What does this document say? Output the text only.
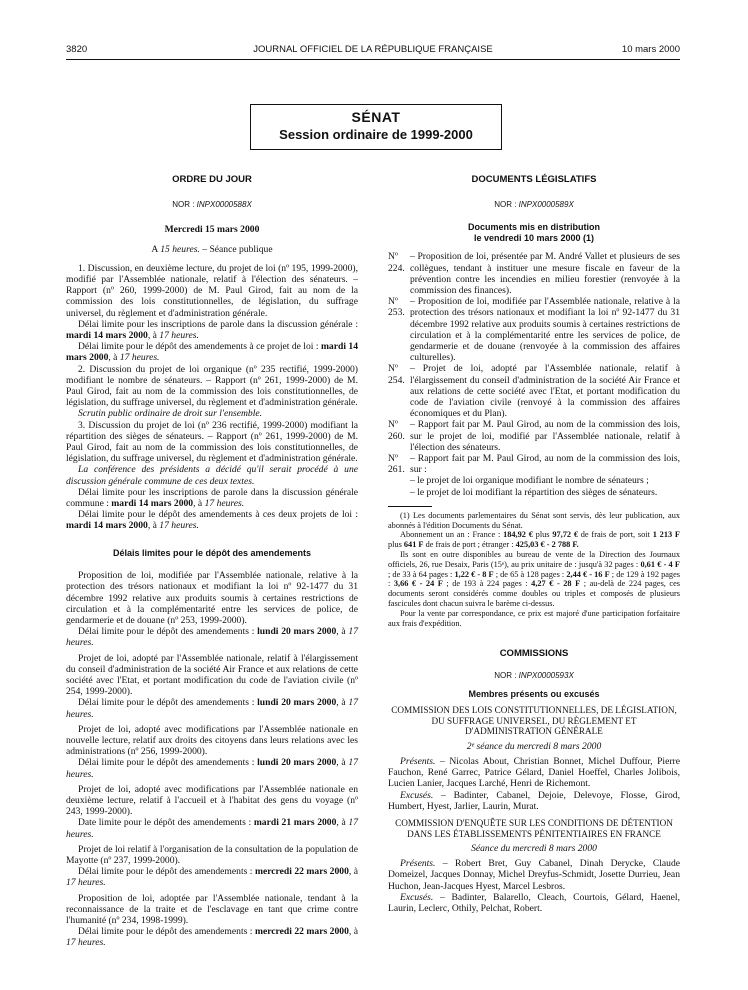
3820	JOURNAL OFFICIEL DE LA RÉPUBLIQUE FRANÇAISE	10 mars 2000
SÉNAT
Session ordinaire de 1999-2000
ORDRE DU JOUR
NOR : INPX0000588X
Mercredi 15 mars 2000
A 15 heures. – Séance publique

1. Discussion, en deuxième lecture, du projet de loi (nº 195, 1999-2000), modifié par l'Assemblée nationale, relatif à l'élection des sénateurs. – Rapport (nº 260, 1999-2000) de M. Paul Girod, fait au nom de la commission des lois constitutionnelles, de législation, du suffrage universel, du règlement et d'administration générale.

Délai limite pour les inscriptions de parole dans la discussion générale : mardi 14 mars 2000, à 17 heures.

Délai limite pour le dépôt des amendements à ce projet de loi : mardi 14 mars 2000, à 17 heures.

2. Discussion du projet de loi organique (nº 235 rectifié, 1999-2000) modifiant le nombre de sénateurs. – Rapport (nº 261, 1999-2000) de M. Paul Girod, fait au nom de la commission des lois constitutionnelles, de législation, du suffrage universel, du règlement et d'administration générale.

Scrutin public ordinaire de droit sur l'ensemble.

3. Discussion du projet de loi (nº 236 rectifié, 1999-2000) modifiant la répartition des sièges de sénateurs. – Rapport (nº 261, 1999-2000) de M. Paul Girod, fait au nom de la commission des lois constitutionnelles, de législation, du suffrage universel, du règlement et d'administration générale.

La conférence des présidents a décidé qu'il serait procédé à une discussion générale commune de ces deux textes.

Délai limite pour les inscriptions de parole dans la discussion générale commune : mardi 14 mars 2000, à 17 heures.

Délai limite pour le dépôt des amendements à ces deux projets de loi : mardi 14 mars 2000, à 17 heures.

Délais limites pour le dépôt des amendements

Proposition de loi, modifiée par l'Assemblée nationale, relative à la protection des trésors nationaux et modifiant la loi nº 92-1477 du 31 décembre 1992 relative aux produits soumis à certaines restrictions de circulation et à la complémentarité entre les services de police, de gendarmerie et de douane (nº 253, 1999-2000).

Délai limite pour le dépôt des amendements : lundi 20 mars 2000, à 17 heures.

Projet de loi, adopté par l'Assemblée nationale, relatif à l'élargissement du conseil d'administration de la société Air France et aux relations de cette société avec l'Etat, et portant modification du code de l'aviation civile (nº 254, 1999-2000).

Délai limite pour le dépôt des amendements : lundi 20 mars 2000, à 17 heures.

Projet de loi, adopté avec modifications par l'Assemblée nationale en nouvelle lecture, relatif aux droits des citoyens dans leurs relations avec les administrations (nº 256, 1999-2000).

Délai limite pour le dépôt des amendements : lundi 20 mars 2000, à 17 heures.

Projet de loi, adopté avec modifications par l'Assemblée nationale en deuxième lecture, relatif à l'accueil et à l'habitat des gens du voyage (nº 243, 1999-2000).

Date limite pour le dépôt des amendements : mardi 21 mars 2000, à 17 heures.

Projet de loi relatif à l'organisation de la consultation de la population de Mayotte (nº 237, 1999-2000).

Délai limite pour le dépôt des amendements : mercredi 22 mars 2000, à 17 heures.

Proposition de loi, adoptée par l'Assemblée nationale, tendant à la reconnaissance de la traite et de l'esclavage en tant que crime contre l'humanité (nº 234, 1998-1999).

Délai limite pour le dépôt des amendements : mercredi 22 mars 2000, à 17 heures.

DOCUMENTS LÉGISLATIFS
NOR : INPX0000589X
Documents mis en distribution
le vendredi 10 mars 2000 (1)
Nº 224.
– Proposition de loi, présentée par M. André Vallet et plusieurs de ses collègues, tendant à instituer une mesure fiscale en faveur de la prévention contre les incendies en milieu forestier (renvoyée à la commission des finances).
Nº 253.
– Proposition de loi, modifiée par l'Assemblée nationale, relative à la protection des trésors nationaux et modifiant la loi nº 92-1477 du 31 décembre 1992 relative aux produits soumis à certaines restrictions de circulation et à la complémentarité entre les services de police, de gendarmerie et de douane (renvoyée à la commission des affaires culturelles).
Nº 254.
– Projet de loi, adopté par l'Assemblée nationale, relatif à l'élargissement du conseil d'administration de la société Air France et aux relations de cette société avec l'Etat, et portant modification du code de l'aviation civile (renvoyé à la commission des affaires économiques et du Plan).
Nº 260.
– Rapport fait par M. Paul Girod, au nom de la commission des lois, sur le projet de loi, modifié par l'Assemblée nationale, relatif à l'élection des sénateurs.
Nº 261.
– Rapport fait par M. Paul Girod, au nom de la commission des lois, sur :
– le projet de loi organique modifiant le nombre de sénateurs ;
– le projet de loi modifiant la répartition des sièges de sénateurs.

(1) Les documents parlementaires du Sénat sont servis, dès leur publication, aux abonnés à l'édition Documents du Sénat.

Abonnement un an : France : 184,92 € plus 97,72 € de frais de port, soit 1 213 F plus 641 F de frais de port ; étranger : 425,03 € - 2 788 F.

Ils sont en outre disponibles au bureau de vente de la Direction des Journaux officiels, 26, rue Desaix, Paris (15ᵉ), au prix unitaire de : jusqu'à 32 pages : 0,61 € - 4 F ; de 33 à 64 pages : 1,22 € - 8 F ; de 65 à 128 pages : 2,44 € - 16 F ; de 129 à 192 pages : 3,66 € - 24 F ; de 193 à 224 pages : 4,27 € - 28 F ; au-delà de 224 pages, ces documents seront considérés comme doubles ou triples et composés de plusieurs fascicules dont chacun suivra le barème ci-dessus.

Pour la vente par correspondance, ce prix est majoré d'une participation forfaitaire aux frais d'expédition.

COMMISSIONS
NOR : INPX0000593X
Membres présents ou excusés
COMMISSION DES LOIS CONSTITUTIONNELLES, DE LÉGISLATION, DU SUFFRAGE UNIVERSEL, DU RÈGLEMENT ET D'ADMINISTRATION GÉNÉRALE
2ᵉ séance du mercredi 8 mars 2000

Présents. – Nicolas About, Christian Bonnet, Michel Duffour, Pierre Fauchon, René Garrec, Patrice Gélard, Daniel Hoeffel, Charles Jolibois, Lucien Lanier, Jacques Larché, Henri de Richemont.

Excusés. – Badinter, Cabanel, Dejoie, Delevoye, Flosse, Girod, Humbert, Hyest, Jarlier, Laurin, Murat.

COMMISSION D'ENQUÊTE SUR LES CONDITIONS DE DÉTENTION DANS LES ÉTABLISSEMENTS PÉNITENTIAIRES EN FRANCE
Séance du mercredi 8 mars 2000

Présents. – Robert Bret, Guy Cabanel, Dinah Derycke, Claude Domeizel, Jacques Donnay, Michel Dreyfus-Schmidt, Josette Durrieu, Jean Huchon, Jean-Jacques Hyest, Marcel Lesbros.

Excusés. – Badinter, Balarello, Cleach, Courtois, Gélard, Haenel, Laurin, Leclerc, Othily, Pelchat, Robert.
